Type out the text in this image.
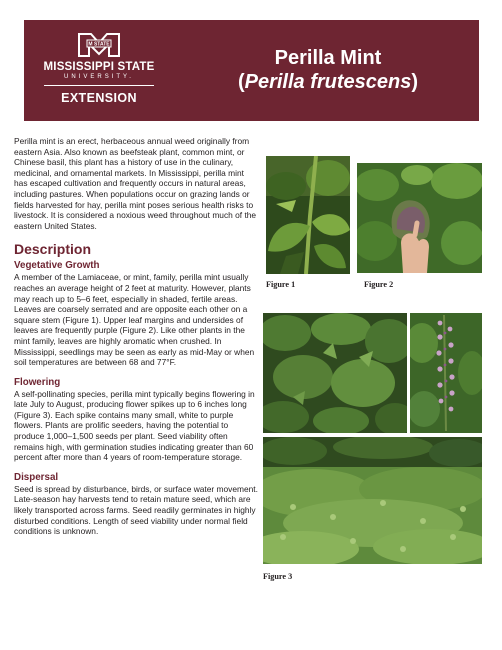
M STATE
MISSISSIPPI STATE
UNIVERSITY.
EXTENSION
Perilla Mint
(Perilla frutescens)

Perilla mint is an erect, herbaceous annual weed originally from eastern Asia. Also known as beefsteak plant, common mint, or Chinese basil, this plant has a history of use in the culinary, medicinal, and ornamental markets. In Mississippi, perilla mint has escaped cultivation and frequently occurs in natural areas, including pastures. When populations occur on grazing lands or fields harvested for hay, perilla mint poses serious health risks to livestock. It is considered a noxious weed throughout much of the eastern United States.

Description
Vegetative Growth

A member of the Lamiaceae, or mint, family, perilla mint usually reaches an average height of 2 feet at maturity. However, plants may reach up to 5–6 feet, especially in shaded, fertile areas. Leaves are coarsely serrated and are opposite each other on a square stem (Figure 1). Upper leaf margins and undersides of leaves are frequently purple (Figure 2). Like other plants in the mint family, leaves are highly aromatic when crushed. In Mississippi, seedlings may be seen as early as mid-May or when soil temperatures are between 68 and 77°F.

Flowering

A self-pollinating species, perilla mint typically begins flowering in late July to August, producing flower spikes up to 6 inches long (Figure 3). Each spike contains many small, white to purple flowers. Plants are prolific seeders, having the potential to produce 1,000–1,500 seeds per plant. Seed viability often remains high, with germination studies indicating greater than 60 percent after more than 4 years of room-temperature storage.

Dispersal

Seed is spread by disturbance, birds, or surface water movement. Late-season hay harvests tend to retain mature seed, which are likely transported across farms. Seed readily germinates in highly disturbed conditions. Length of seed viability under normal field conditions is unknown.

Figure 1	Figure 2
Figure 3
